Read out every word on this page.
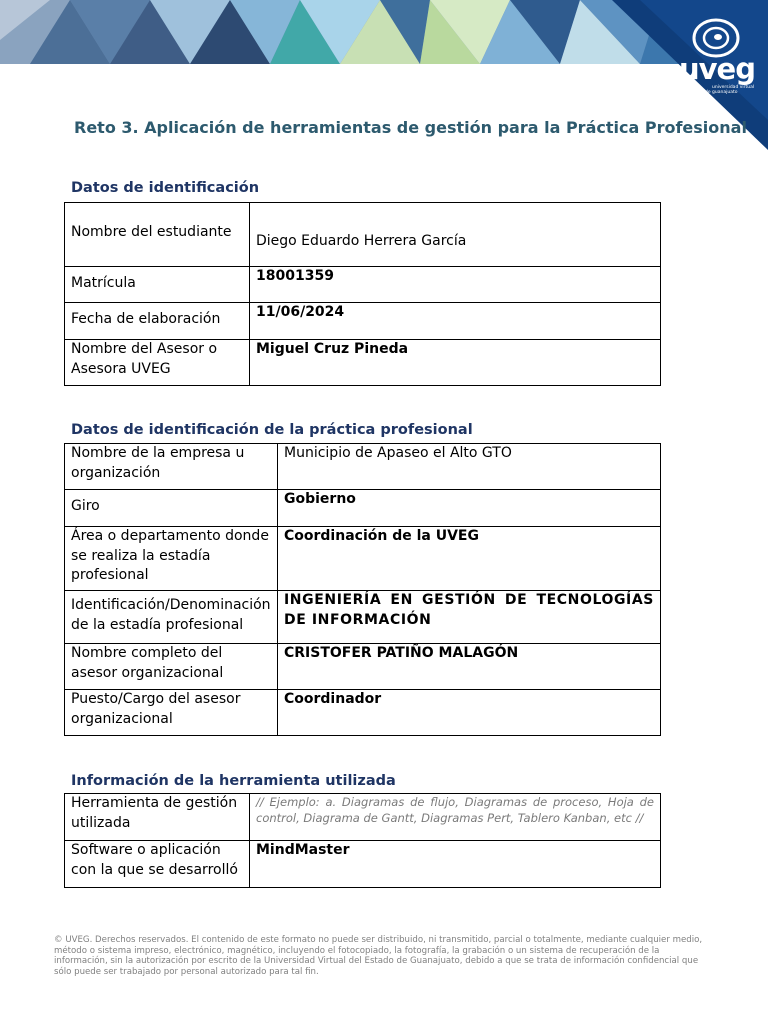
uveg
universidad virtual
del estado de guanajuato
Reto 3. Aplicación de herramientas de gestión para la Práctica Profesional
Datos de identificación
Nombre del estudiante	Diego Eduardo Herrera García
Matrícula	18001359
Fecha de elaboración	11/06/2024
Nombre del Asesor o Asesora UVEG	Miguel Cruz Pineda
Datos de identificación de la práctica profesional
Nombre de la empresa u organización	Municipio de Apaseo el Alto GTO
Giro	Gobierno
Área o departamento donde se realiza la estadía profesional	Coordinación de la UVEG
Identificación/Denominación de la estadía profesional	INGENIERÍA EN GESTIÓN DE TECNOLOGÍAS DE INFORMACIÓN
Nombre completo del asesor organizacional	CRISTOFER PATIÑO MALAGÓN
Puesto/Cargo del asesor organizacional	Coordinador
Información de la herramienta utilizada
Herramienta de gestión utilizada	// Ejemplo: a. Diagramas de flujo, Diagramas de proceso, Hoja de control, Diagrama de Gantt, Diagramas Pert, Tablero Kanban, etc //
Software o aplicación con la que se desarrolló	MindMaster
© UVEG. Derechos reservados. El contenido de este formato no puede ser distribuido, ni transmitido, parcial o totalmente, mediante cualquier medio, método o sistema impreso, electrónico, magnético, incluyendo el fotocopiado, la fotografía, la grabación o un sistema de recuperación de la información, sin la autorización por escrito de la Universidad Virtual del Estado de Guanajuato, debido a que se trata de información confidencial que sólo puede ser trabajado por personal autorizado para tal fin.
